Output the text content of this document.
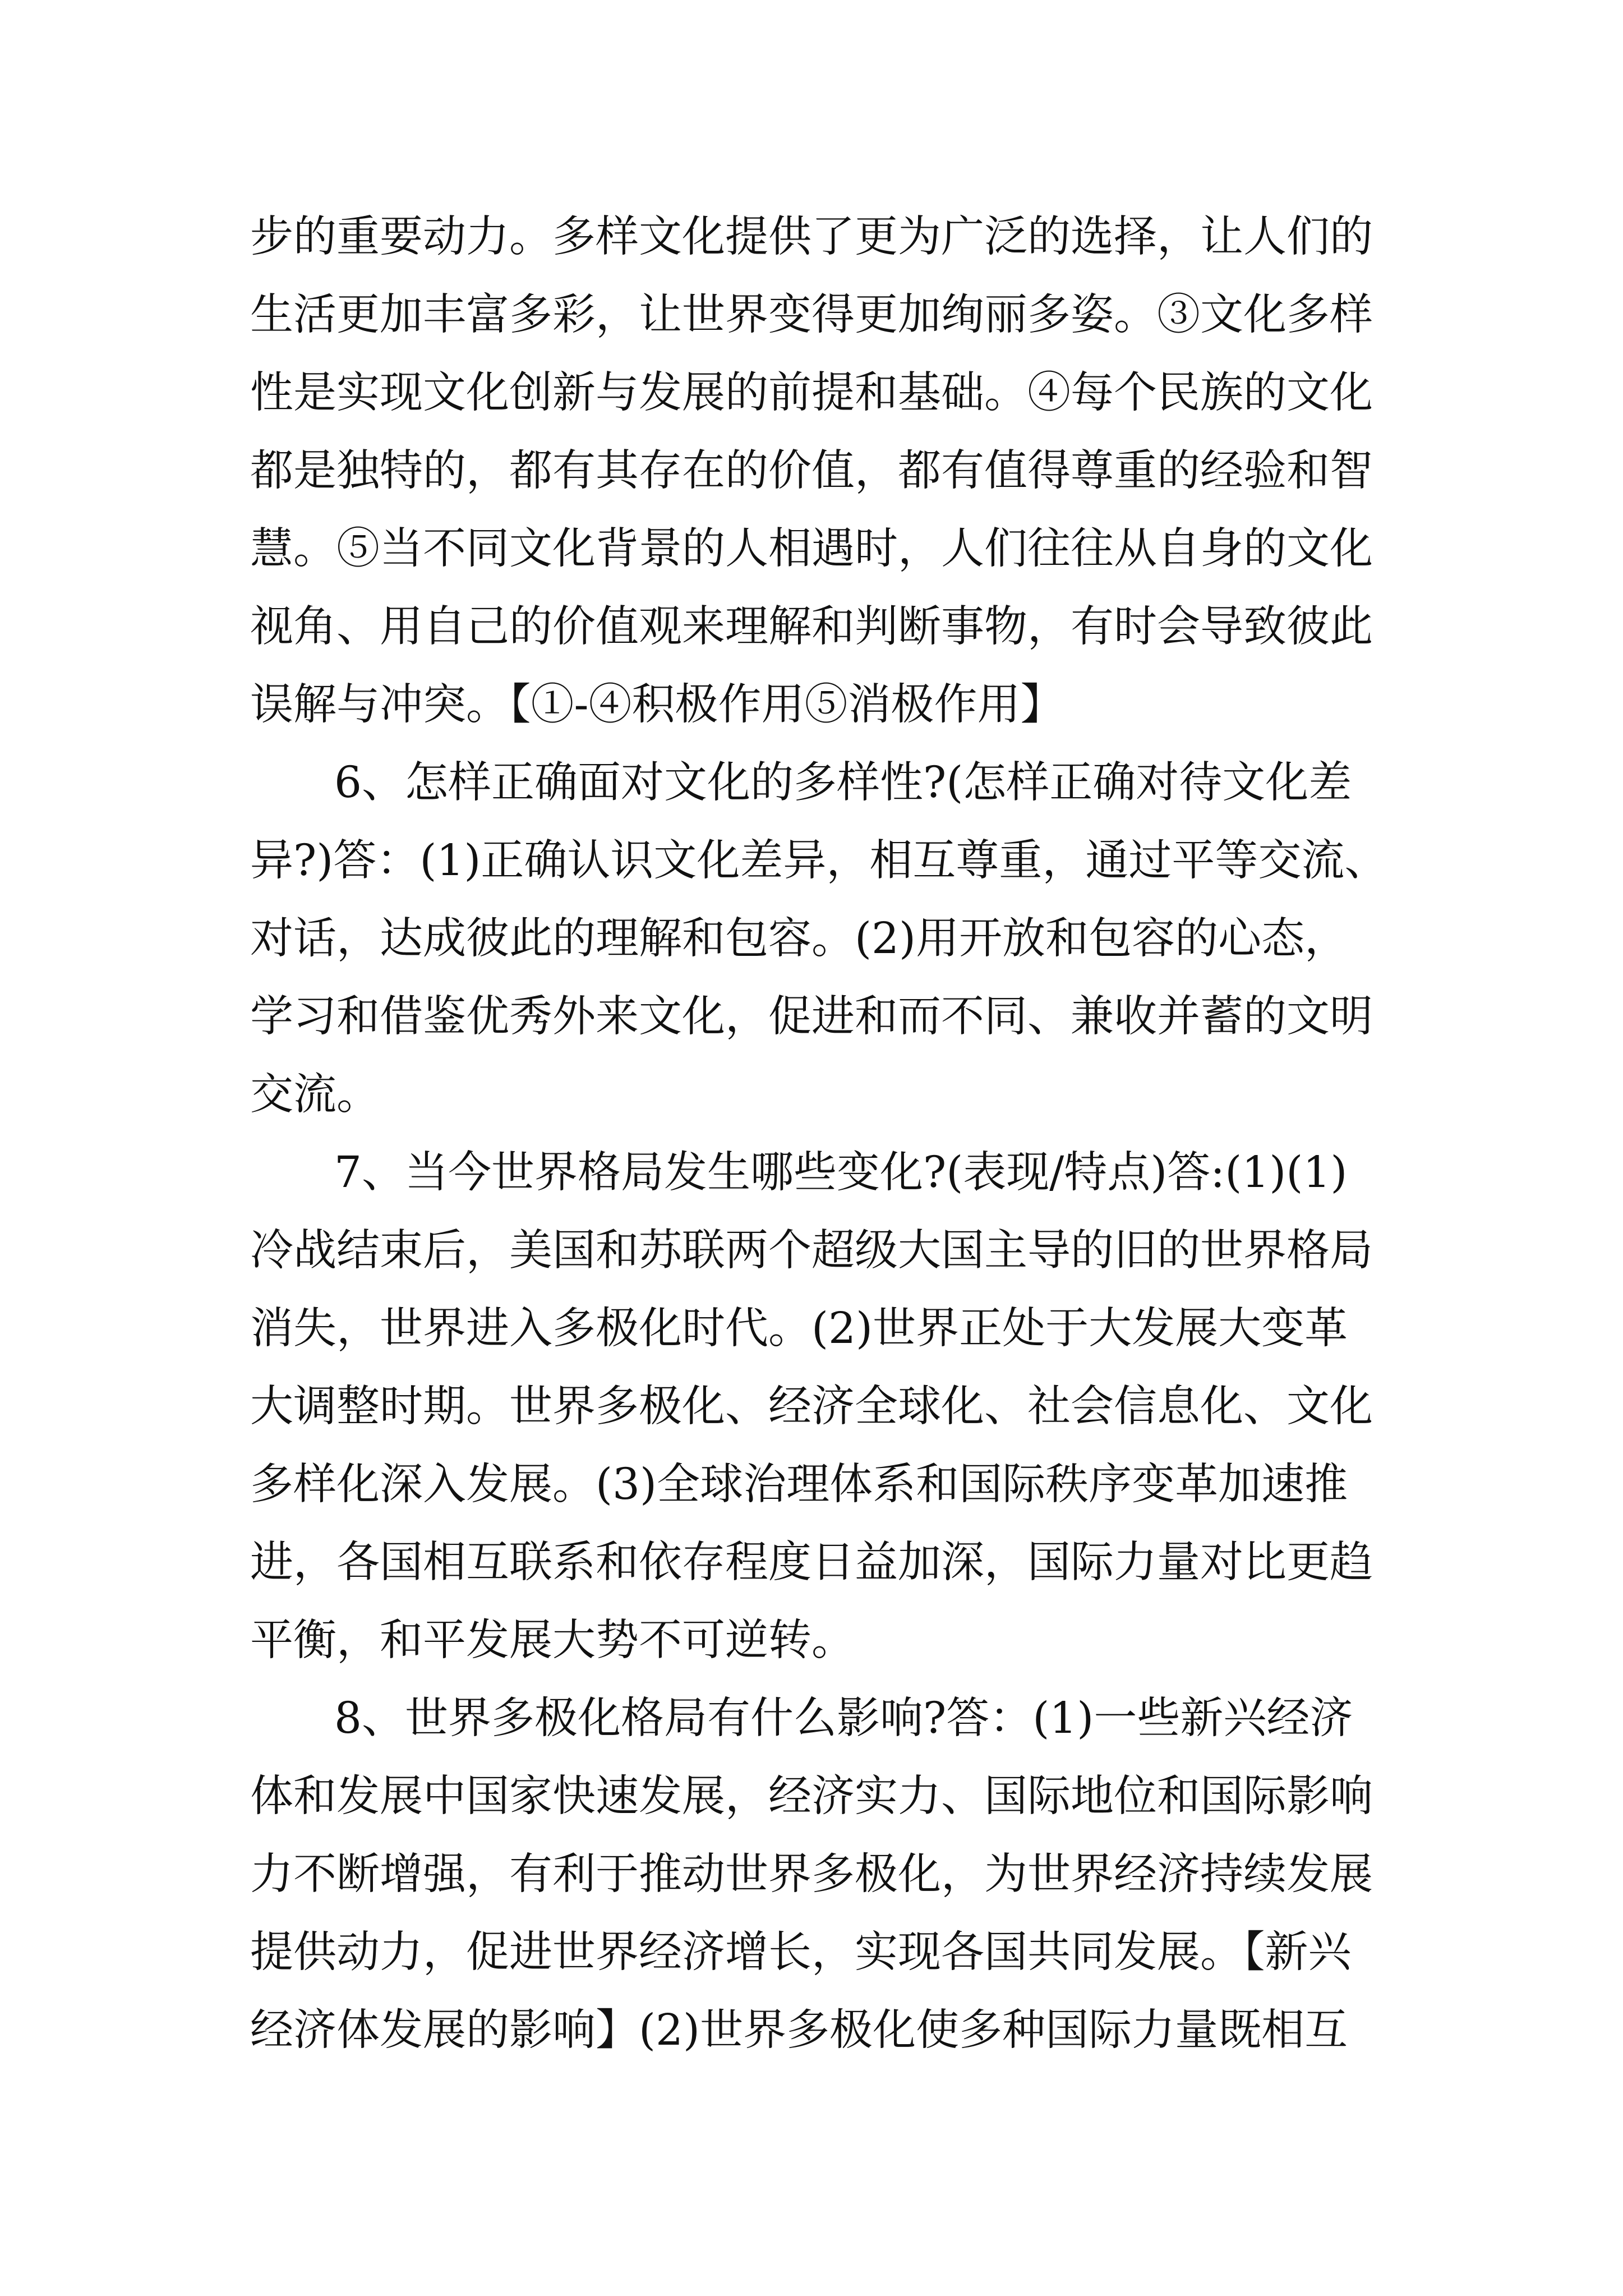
步的重要动力。多样文化提供了更为广泛的选择，让人们的

生活更加丰富多彩，让世界变得更加绚丽多姿。③文化多样

性是实现文化创新与发展的前提和基础。④每个民族的文化

都是独特的，都有其存在的价值，都有值得尊重的经验和智

慧。⑤当不同文化背景的人相遇时，人们往往从自身的文化

视角、用自己的价值观来理解和判断事物，有时会导致彼此

误解与冲突。【①-④积极作用⑤消极作用】

6、怎样正确面对文化的多样性?(怎样正确对待文化差

异?)答：(1)正确认识文化差异，相互尊重，通过平等交流、

对话，达成彼此的理解和包容。(2)用开放和包容的心态，

学习和借鉴优秀外来文化，促进和而不同、兼收并蓄的文明

交流。

7、当今世界格局发生哪些变化?(表现/特点)答:(1)(1)

冷战结束后，美国和苏联两个超级大国主导的旧的世界格局

消失，世界进入多极化时代。(2)世界正处于大发展大变革

大调整时期。世界多极化、经济全球化、社会信息化、文化

多样化深入发展。(3)全球治理体系和国际秩序变革加速推

进，各国相互联系和依存程度日益加深，国际力量对比更趋

平衡，和平发展大势不可逆转。

8、世界多极化格局有什么影响?答：(1)一些新兴经济

体和发展中国家快速发展，经济实力、国际地位和国际影响

力不断增强，有利于推动世界多极化，为世界经济持续发展

提供动力，促进世界经济增长，实现各国共同发展。【新兴

经济体发展的影响】(2)世界多极化使多种国际力量既相互
